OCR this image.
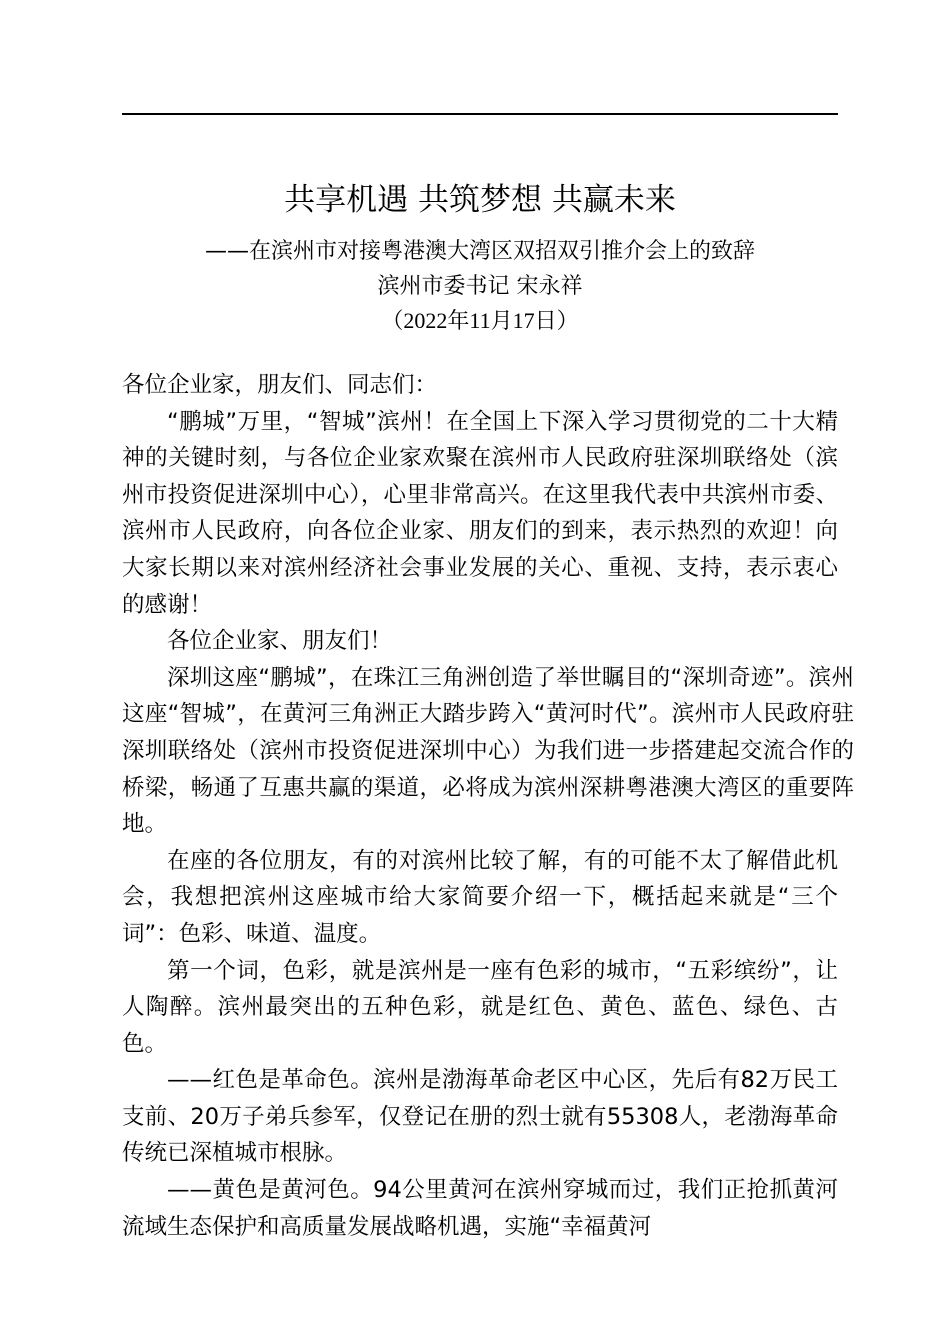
共享机遇 共筑梦想 共赢未来
——在滨州市对接粤港澳大湾区双招双引推介会上的致辞
滨州市委书记 宋永祥
（2022年11月17日）

各位企业家，朋友们、同志们：

“鹏城”万里，“智城”滨州！在全国上下深入学习贯彻党的二十大精神的关键时刻，与各位企业家欢聚在滨州市人民政府驻深圳联络处（滨州市投资促进深圳中心），心里非常高兴。在这里我代表中共滨州市委、滨州市人民政府，向各位企业家、朋友们的到来，表示热烈的欢迎！向大家长期以来对滨州经济社会事业发展的关心、重视、支持，表示衷心的感谢！

各位企业家、朋友们！

深圳这座“鹏城”，在珠江三角洲创造了举世瞩目的“深圳奇迹”。滨州这座“智城”，在黄河三角洲正大踏步跨入“黄河时代”。滨州市人民政府驻深圳联络处（滨州市投资促进深圳中心）为我们进一步搭建起交流合作的桥梁，畅通了互惠共赢的渠道，必将成为滨州深耕粤港澳大湾区的重要阵地。

在座的各位朋友，有的对滨州比较了解，有的可能不太了解借此机会，我想把滨州这座城市给大家简要介绍一下，概括起来就是“三个词”：色彩、味道、温度。

第一个词，色彩，就是滨州是一座有色彩的城市，“五彩缤纷”，让人陶醉。滨州最突出的五种色彩，就是红色、黄色、蓝色、绿色、古色。

——红色是革命色。滨州是渤海革命老区中心区，先后有82万民工支前、20万子弟兵参军，仅登记在册的烈士就有55308人，老渤海革命传统已深植城市根脉。

——黄色是黄河色。94公里黄河在滨州穿城而过，我们正抢抓黄河流域生态保护和高质量发展战略机遇，实施“幸福黄河
